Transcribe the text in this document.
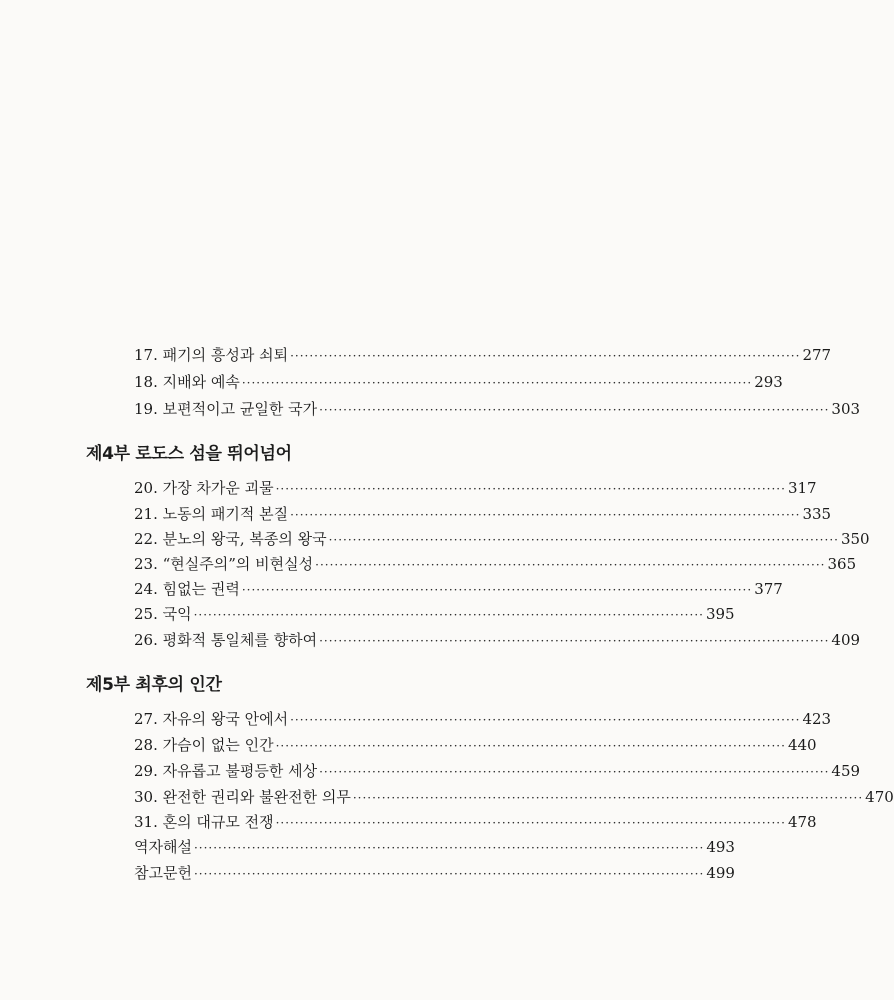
17. 패기의 흥성과 쇠퇴 ·········································································································· 277
18. 지배와 예속 ·········································································································· 293
19. 보편적이고 균일한 국가 ·········································································································· 303
제4부 로도스 섬을 뛰어넘어
20. 가장 차가운 괴물 ·········································································································· 317
21. 노동의 패기적 본질 ·········································································································· 335
22. 분노의 왕국, 복종의 왕국 ·········································································································· 350
23. “현실주의”의 비현실성 ·········································································································· 365
24. 힘없는 권력 ·········································································································· 377
25. 국익 ·········································································································· 395
26. 평화적 통일체를 향하여 ·········································································································· 409
제5부 최후의 인간
27. 자유의 왕국 안에서 ·········································································································· 423
28. 가슴이 없는 인간 ·········································································································· 440
29. 자유롭고 불평등한 세상 ·········································································································· 459
30. 완전한 권리와 불완전한 의무 ·········································································································· 470
31. 혼의 대규모 전쟁 ·········································································································· 478
역자해설 ·········································································································· 493
참고문헌 ·········································································································· 499
